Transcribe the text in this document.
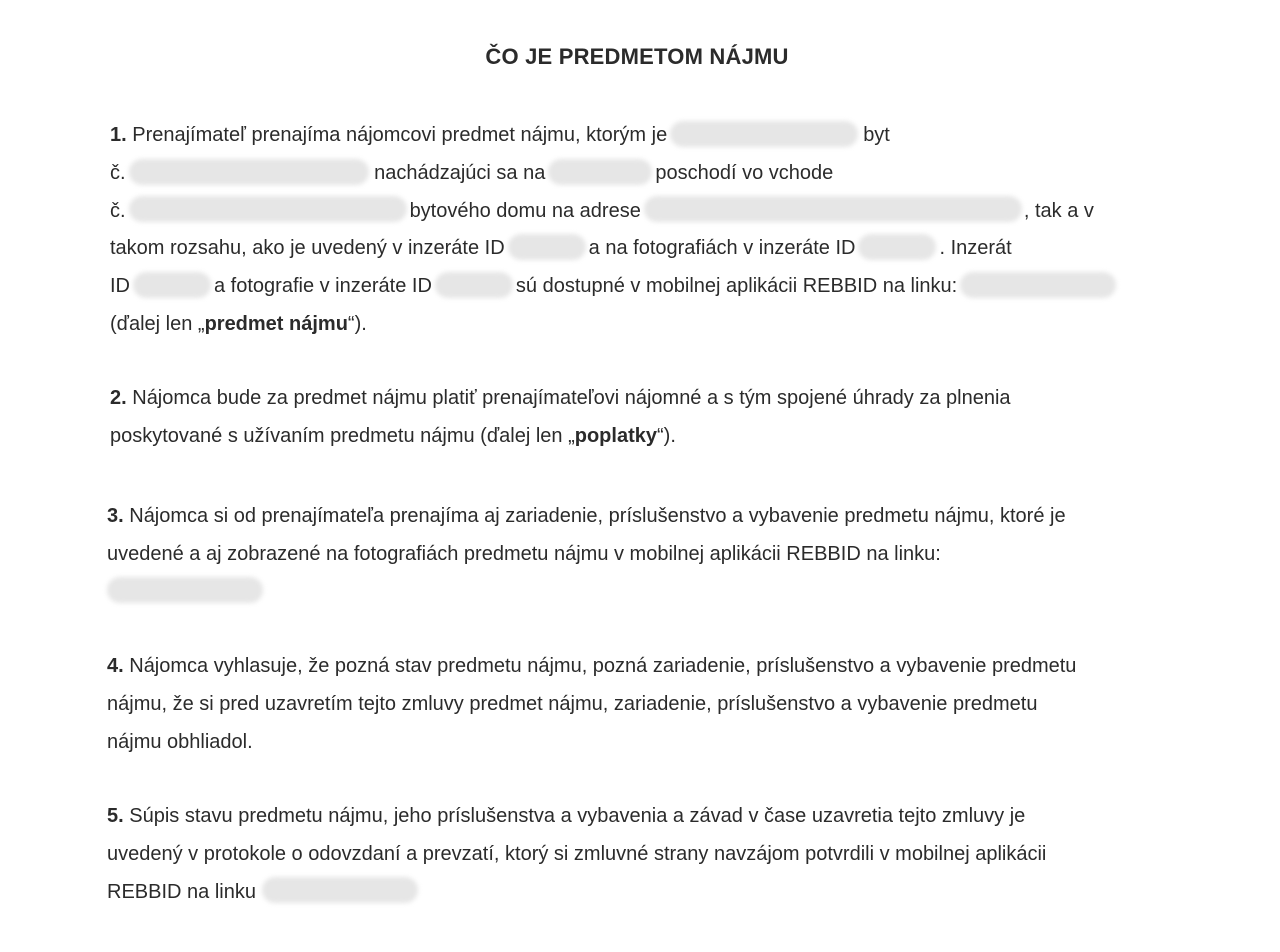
ČO JE PREDMETOM NÁJMU
1. Prenajímateľ prenajíma nájomcovi predmet nájmu, ktorým je	byt
č.	nachádzajúci sa na	poschodí vo vchode
č.	bytového domu na adrese	, tak a v
takom rozsahu, ako je uvedený v inzeráte ID	a na fotografiách v inzeráte ID	. Inzerát
ID	a fotografie v inzeráte ID	sú dostupné v mobilnej aplikácii REBBID na linku:
(ďalej len „predmet nájmu“).
2. Nájomca bude za predmet nájmu platiť prenajímateľovi nájomné a s tým spojené úhrady za plnenia
poskytované s užívaním predmetu nájmu (ďalej len „poplatky“).
3. Nájomca si od prenajímateľa prenajíma aj zariadenie, príslušenstvo a vybavenie predmetu nájmu, ktoré je
uvedené a aj zobrazené na fotografiách predmetu nájmu v mobilnej aplikácii REBBID na linku:
4. Nájomca vyhlasuje, že pozná stav predmetu nájmu, pozná zariadenie, príslušenstvo a vybavenie predmetu
nájmu, že si pred uzavretím tejto zmluvy predmet nájmu, zariadenie, príslušenstvo a vybavenie predmetu
nájmu obhliadol.
5. Súpis stavu predmetu nájmu, jeho príslušenstva a vybavenia a závad v čase uzavretia tejto zmluvy je
uvedený v protokole o odovzdaní a prevzatí, ktorý si zmluvné strany navzájom potvrdili v mobilnej aplikácii
REBBID na linku
